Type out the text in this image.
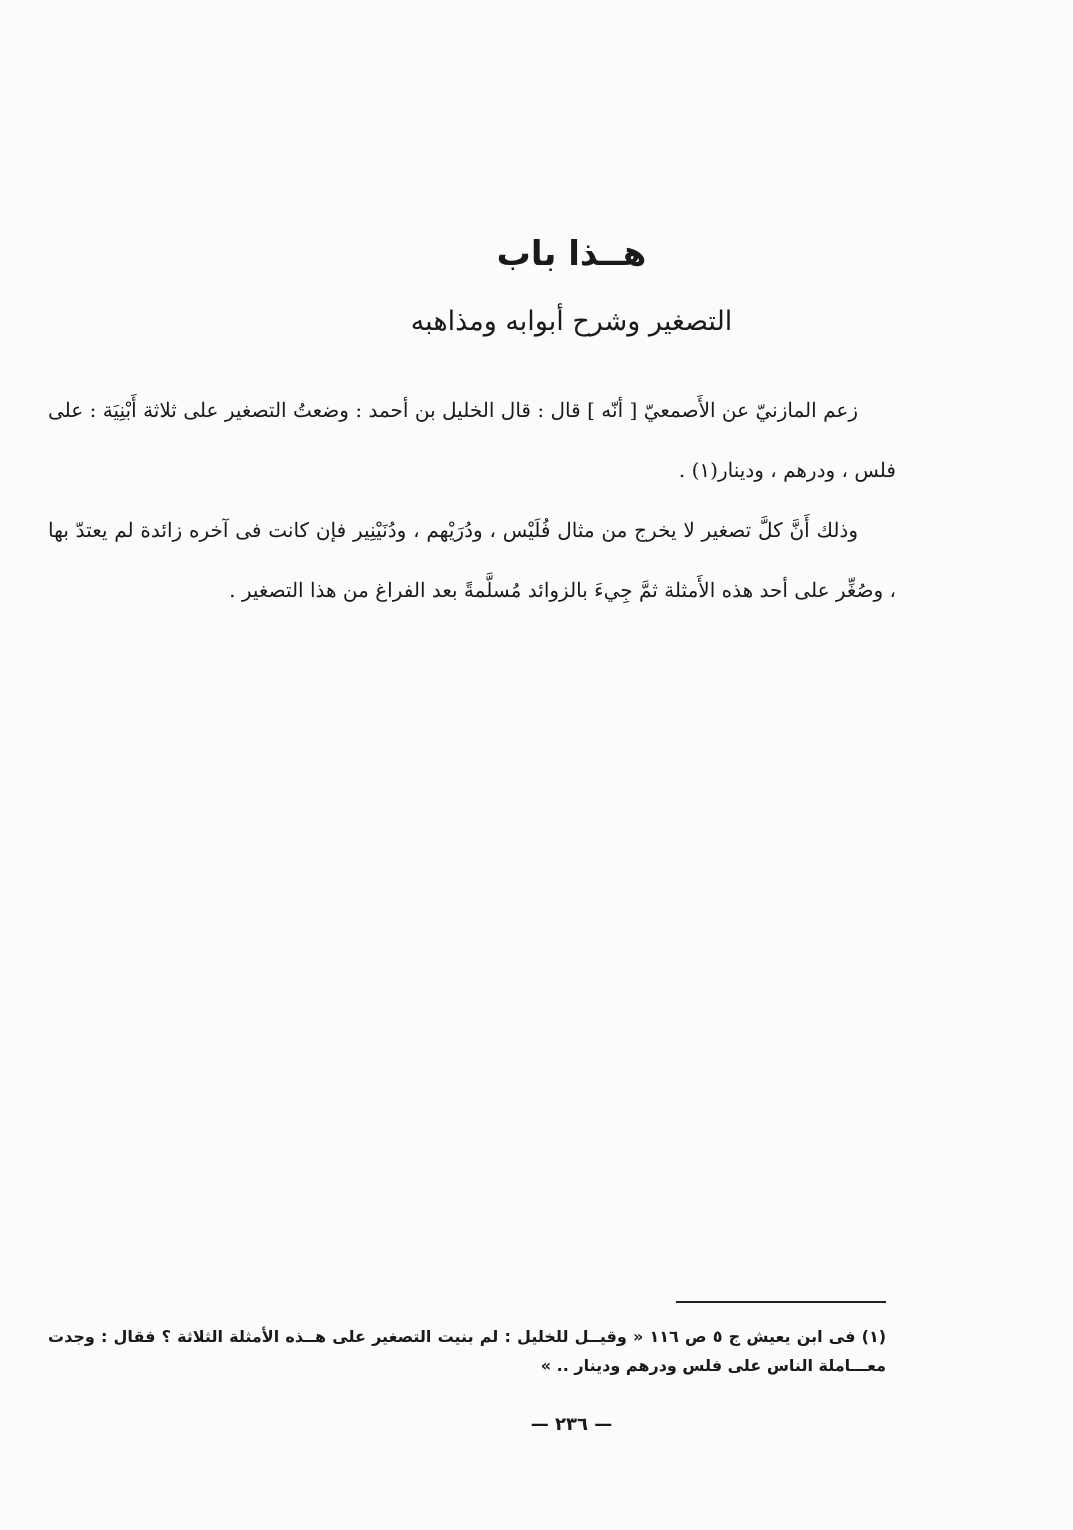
هــذا باب
التصغير وشرح أبوابه ومذاهبه

زعم المازنيّ عن الأَصمعيّ [ أنّه ] قال : قال الخليل بن أحمد : وضعتُ التصغير على ثلاثة أَبْنِيَة : على فلس ، ودرهم ، ودينار(١) .

وذلك أَنَّ كلَّ تصغير لا يخرج من مثال فُلَيْس ، ودُرَيْهم ، ودُنَيْنِير فإن كانت فى آخره زائدة لم يعتدّ بها ، وصُغِّر على أحد هذه الأَمثلة ثمَّ جِيءَ بالزوائد مُسلَّمةً بعد الفراغ من هذا التصغير .

(١) فى ابن يعيش ج ٥ ص ١١٦ « وقيــل للخليل : لم بنيت التصغير على هــذه الأمثلة الثلاثة ؟ فقال : وجدت معـــاملة الناس على فلس ودرهم ودينار .. »
— ٢٣٦ —
